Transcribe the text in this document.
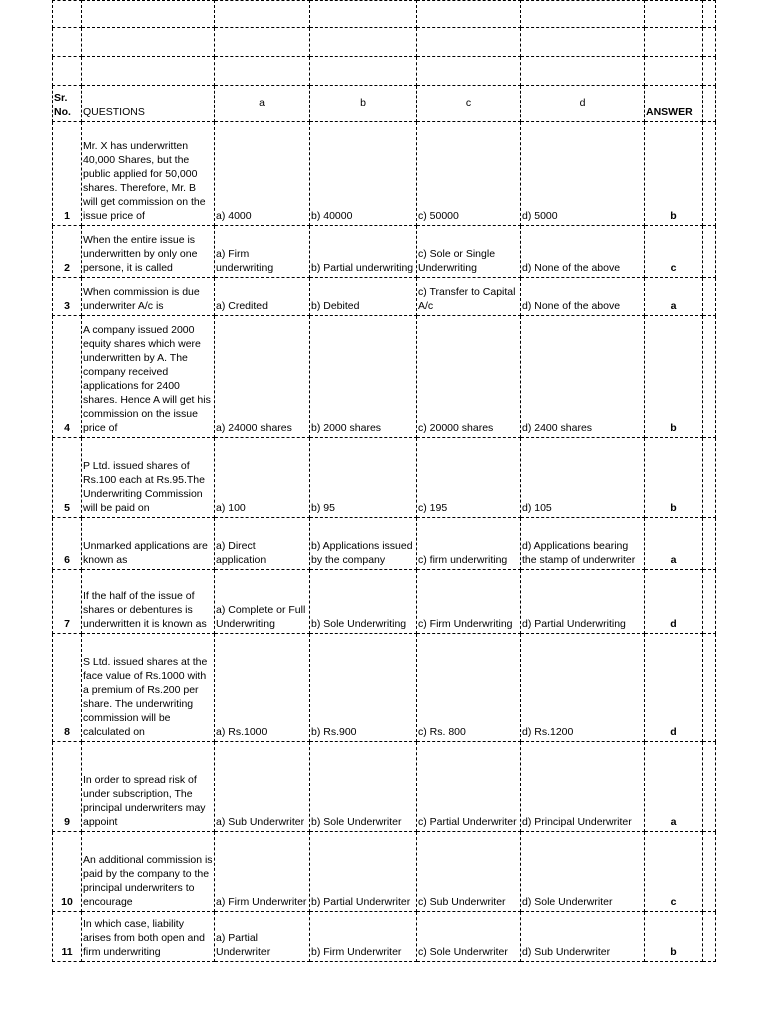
Sr. No.	QUESTIONS	a	b	c	d	ANSWER	
1	Mr. X has underwritten 40,000 Shares, but the public applied for 50,000 shares. Therefore, Mr. B will get commission on the issue price of	a) 4000	b) 40000	c) 50000	d) 5000	b	
2	When the entire issue is underwritten by only one persone, it is called	a) Firm underwriting	b) Partial underwriting	c) Sole or Single Underwriting	d) None of the above	c	
3	When commission is due underwriter A/c is	a) Credited	b) Debited	c) Transfer to Capital A/c	d) None of the above	a	
4	A company issued 2000 equity shares which were underwritten by A. The company received applications for 2400 shares. Hence A will get his commission on the issue price of	a) 24000 shares	b) 2000 shares	c) 20000 shares	d) 2400 shares	b	
5	P Ltd. issued shares of Rs.100 each at Rs.95.The Underwriting Commission will be paid on	a) 100	b) 95	c) 195	d) 105	b	
6	Unmarked applications are known as	a) Direct application	b) Applications issued by the company	c) firm underwriting	d) Applications bearing the stamp of underwriter	a	
7	If the half of the issue of shares or debentures is underwritten it is known as	a) Complete or Full Underwriting	b) Sole Underwriting	c) Firm Underwriting	d) Partial Underwriting	d	
8	S Ltd. issued shares at the face value of Rs.1000 with a premium of Rs.200 per share. The underwriting commission will be calculated on	a) Rs.1000	b) Rs.900	c) Rs. 800	d) Rs.1200	d	
9	In order to spread risk of under subscription, The principal underwriters may appoint	a) Sub Underwriter	b) Sole Underwriter	c) Partial Underwriter	d) Principal Underwriter	a	
10	An additional commission is paid by the company to the principal underwriters to encourage	a) Firm Underwriter	b) Partial Underwriter	c) Sub Underwriter	d) Sole Underwriter	c	
11	In which case, liability arises from both open and firm underwriting	a) Partial Underwriter	b) Firm Underwriter	c) Sole Underwriter	d) Sub Underwriter	b	
